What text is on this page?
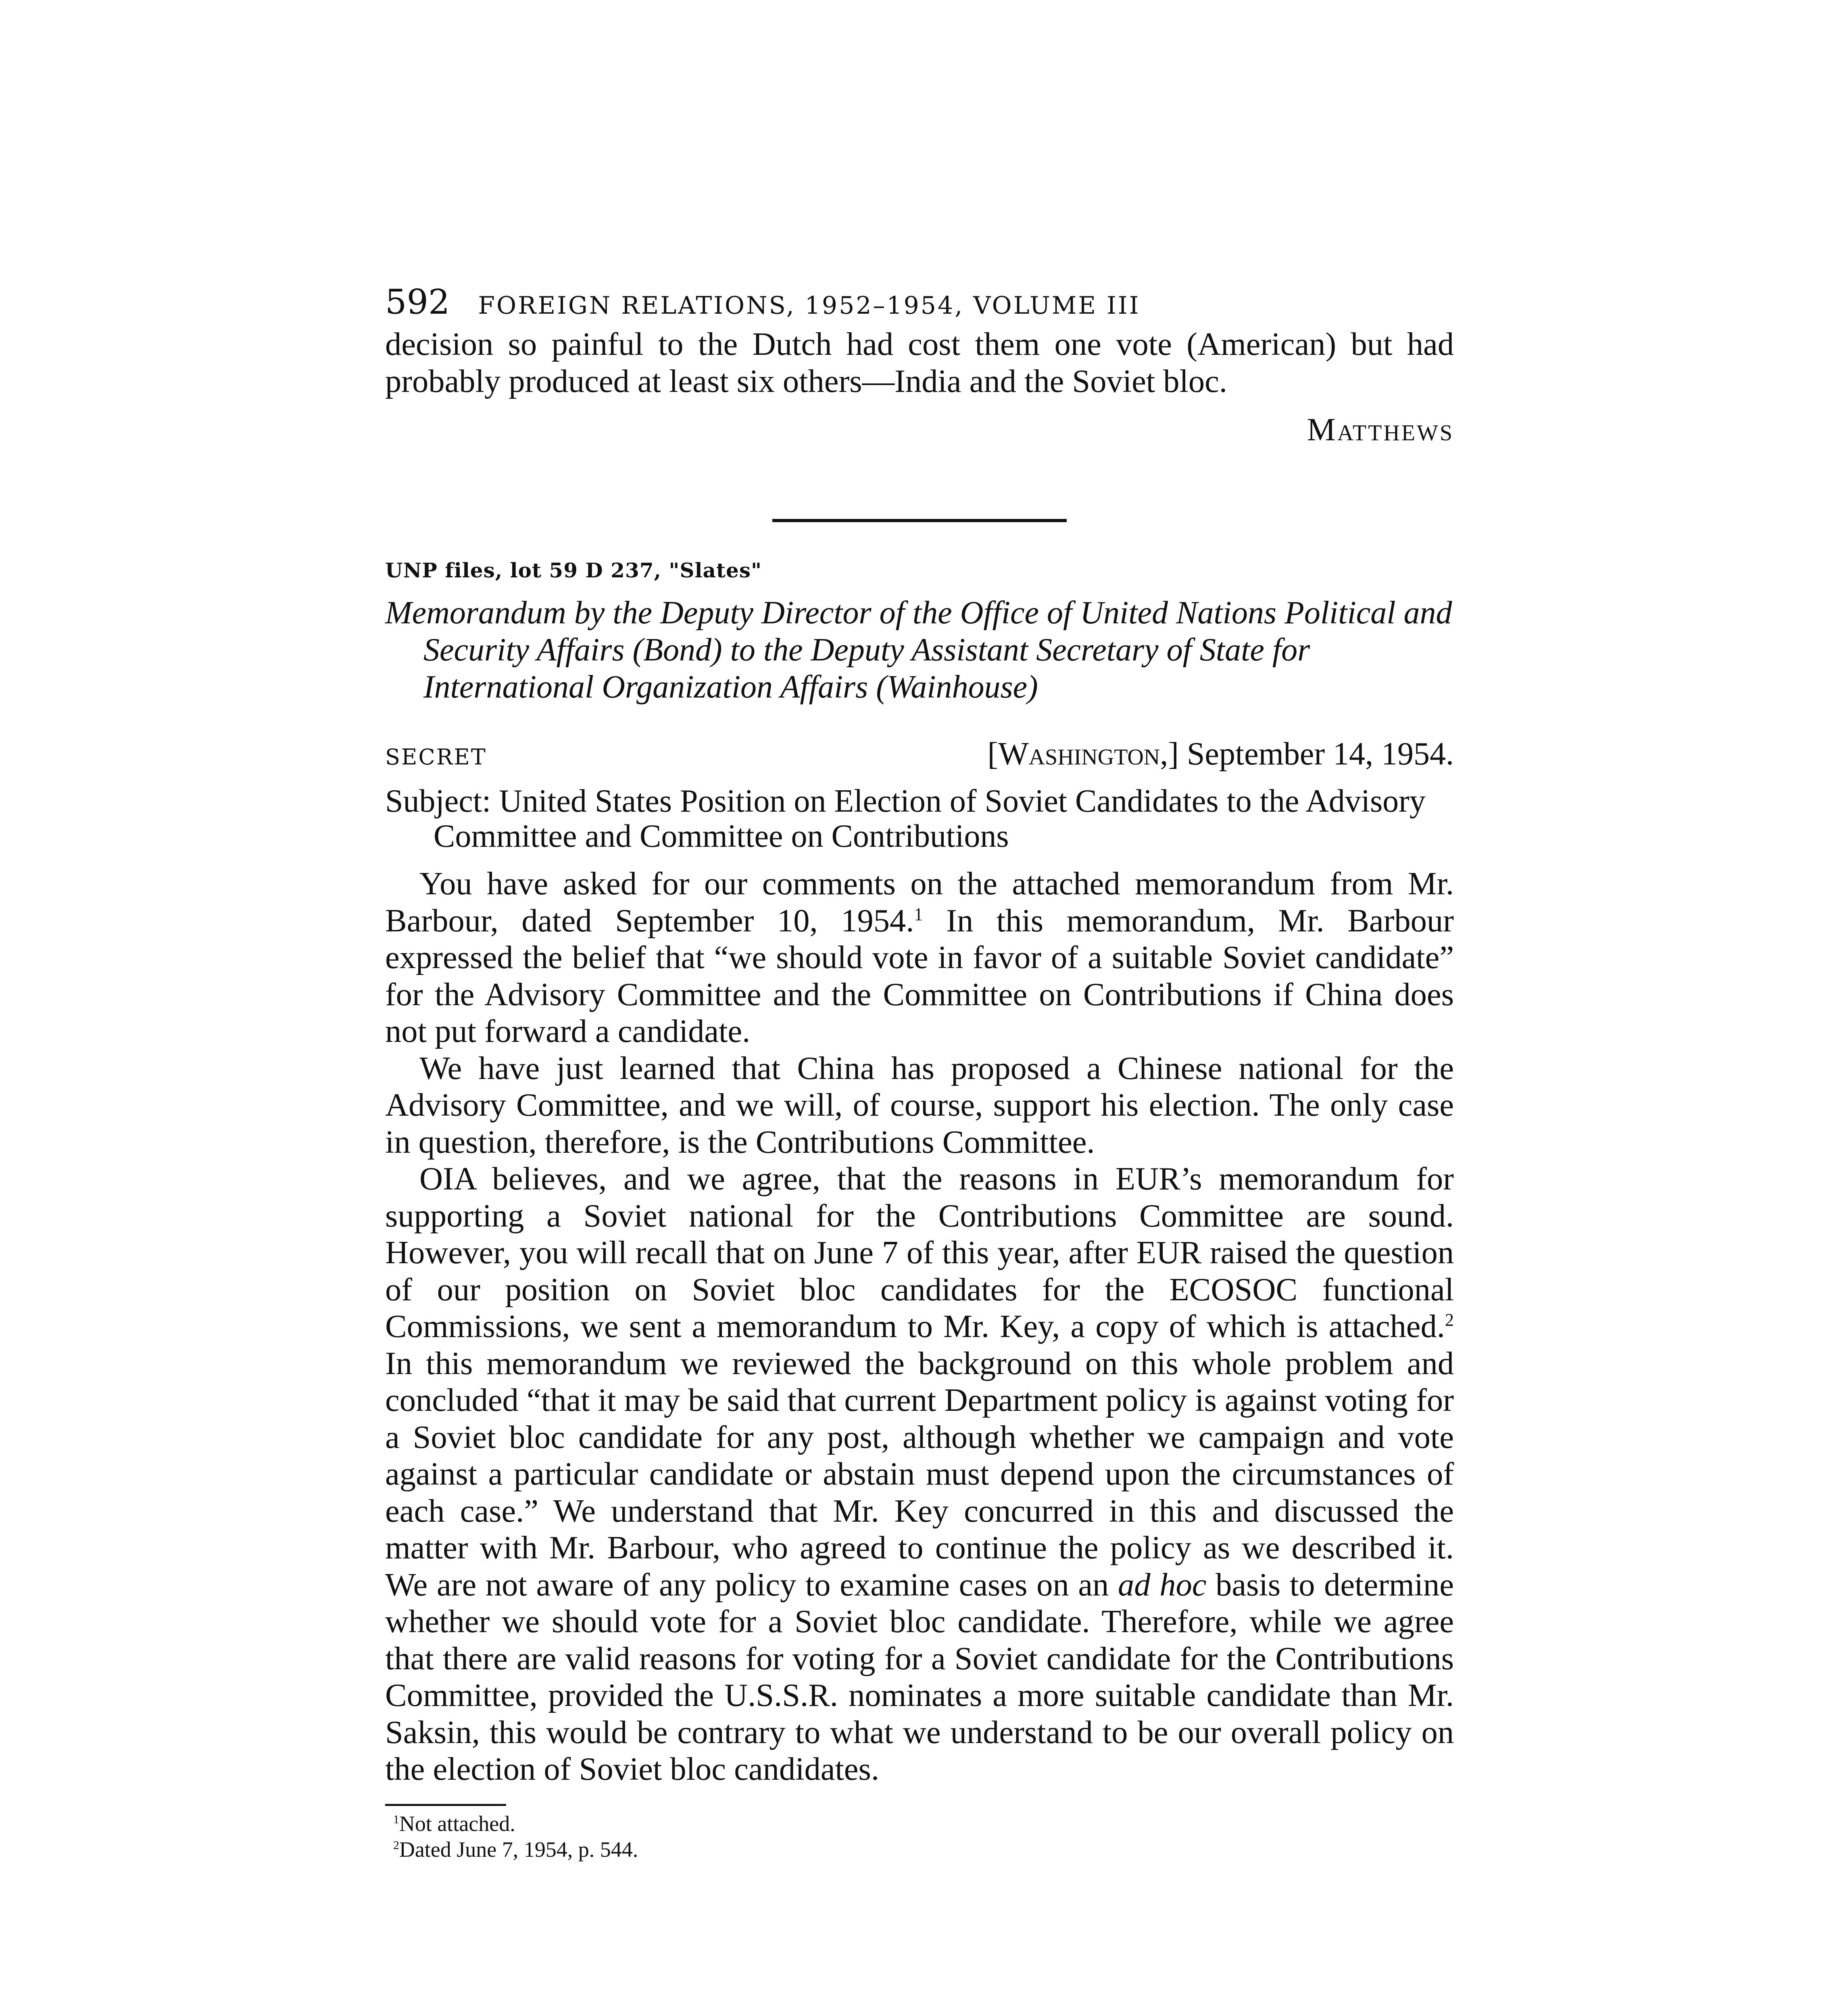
592 FOREIGN RELATIONS, 1952–1954, VOLUME III

decision so painful to the Dutch had cost them one vote (American) but had probably produced at least six others—India and the Soviet bloc.

Matthews
UNP files, lot 59 D 237, "Slates"

Memorandum by the Deputy Director of the Office of United Nations Political and Security Affairs (Bond) to the Deputy Assistant Secretary of State for International Organization Affairs (Wainhouse)

SECRET	[Washington,] September 14, 1954.
Subject: United States Position on Election of Soviet Candidates to the Advisory Committee and Committee on Contributions

You have asked for our comments on the attached memorandum from Mr. Barbour, dated September 10, 1954.$^1$ In this memorandum, Mr. Barbour expressed the belief that “we should vote in favor of a suitable Soviet candidate” for the Advisory Committee and the Committee on Contributions if China does not put forward a candidate.

We have just learned that China has proposed a Chinese national for the Advisory Committee, and we will, of course, support his election. The only case in question, therefore, is the Contributions Committee.

OIA believes, and we agree, that the reasons in EUR’s memorandum for supporting a Soviet national for the Contributions Committee are sound. However, you will recall that on June 7 of this year, after EUR raised the question of our position on Soviet bloc candidates for the ECOSOC functional Commissions, we sent a memorandum to Mr. Key, a copy of which is attached.$^2$ In this memorandum we reviewed the background on this whole problem and concluded “that it may be said that current Department policy is against voting for a Soviet bloc candidate for any post, although whether we campaign and vote against a particular candidate or abstain must depend upon the circumstances of each case.” We understand that Mr. Key concurred in this and discussed the matter with Mr. Barbour, who agreed to continue the policy as we described it. We are not aware of any policy to examine cases on an ad hoc basis to determine whether we should vote for a Soviet bloc candidate. Therefore, while we agree that there are valid reasons for voting for a Soviet candidate for the Contributions Committee, provided the U.S.S.R. nominates a more suitable candidate than Mr. Saksin, this would be contrary to what we understand to be our overall policy on the election of Soviet bloc candidates.

$^1$Not attached.
$^2$Dated June 7, 1954, p. 544.
